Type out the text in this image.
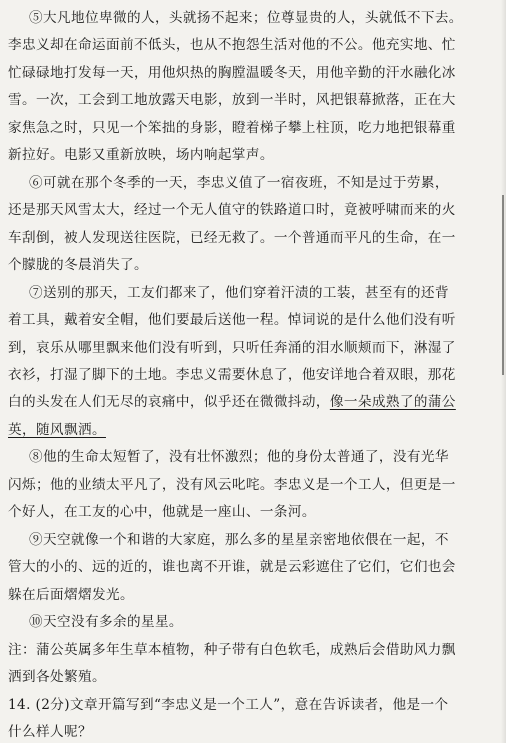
⑤大凡地位卑微的人，头就扬不起来；位尊显贵的人，头就低不下去。
李忠义却在命运面前不低头，也从不抱怨生活对他的不公。他充实地、忙
忙碌碌地打发每一天，用他炽热的胸膛温暖冬天，用他辛勤的汗水融化冰
雪。一次，工会到工地放露天电影，放到一半时，风把银幕掀落，正在大
家焦急之时，只见一个笨拙的身影，瞪着梯子攀上柱顶，吃力地把银幕重
新拉好。电影又重新放映，场内响起掌声。
⑥可就在那个冬季的一天，李忠义值了一宿夜班，不知是过于劳累，
还是那天风雪太大，经过一个无人值守的铁路道口时，竟被呼啸而来的火
车刮倒，被人发现送往医院，已经无救了。一个普通而平凡的生命，在一
个朦胧的冬晨消失了。
⑦送别的那天，工友们都来了，他们穿着汗渍的工装，甚至有的还背
着工具，戴着安全帽，他们要最后送他一程。悼词说的是什么他们没有听
到，哀乐从哪里飘来他们没有听到，只听任奔涌的泪水顺颊而下，淋湿了
衣衫，打湿了脚下的土地。李忠义需要休息了，他安详地合着双眼，那花
白的头发在人们无尽的哀痛中，似乎还在微微抖动，像一朵成熟了的蒲公
英，随风飘洒。
⑧他的生命太短暂了，没有壮怀激烈；他的身份太普通了，没有光华
闪烁；他的业绩太平凡了，没有风云叱咤。李忠义是一个工人，但更是一
个好人，在工友的心中，他就是一座山、一条河。
⑨天空就像一个和谐的大家庭，那么多的星星亲密地依偎在一起，不
管大的小的、远的近的，谁也离不开谁，就是云彩遮住了它们，它们也会
躲在后面熠熠发光。
⑩天空没有多余的星星。
注：蒲公英属多年生草本植物，种子带有白色软毛，成熟后会借助风力飘
洒到各处繁殖。
14. (2分)文章开篇写到“李忠义是一个工人”，意在告诉读者，他是一个
什么样人呢？
